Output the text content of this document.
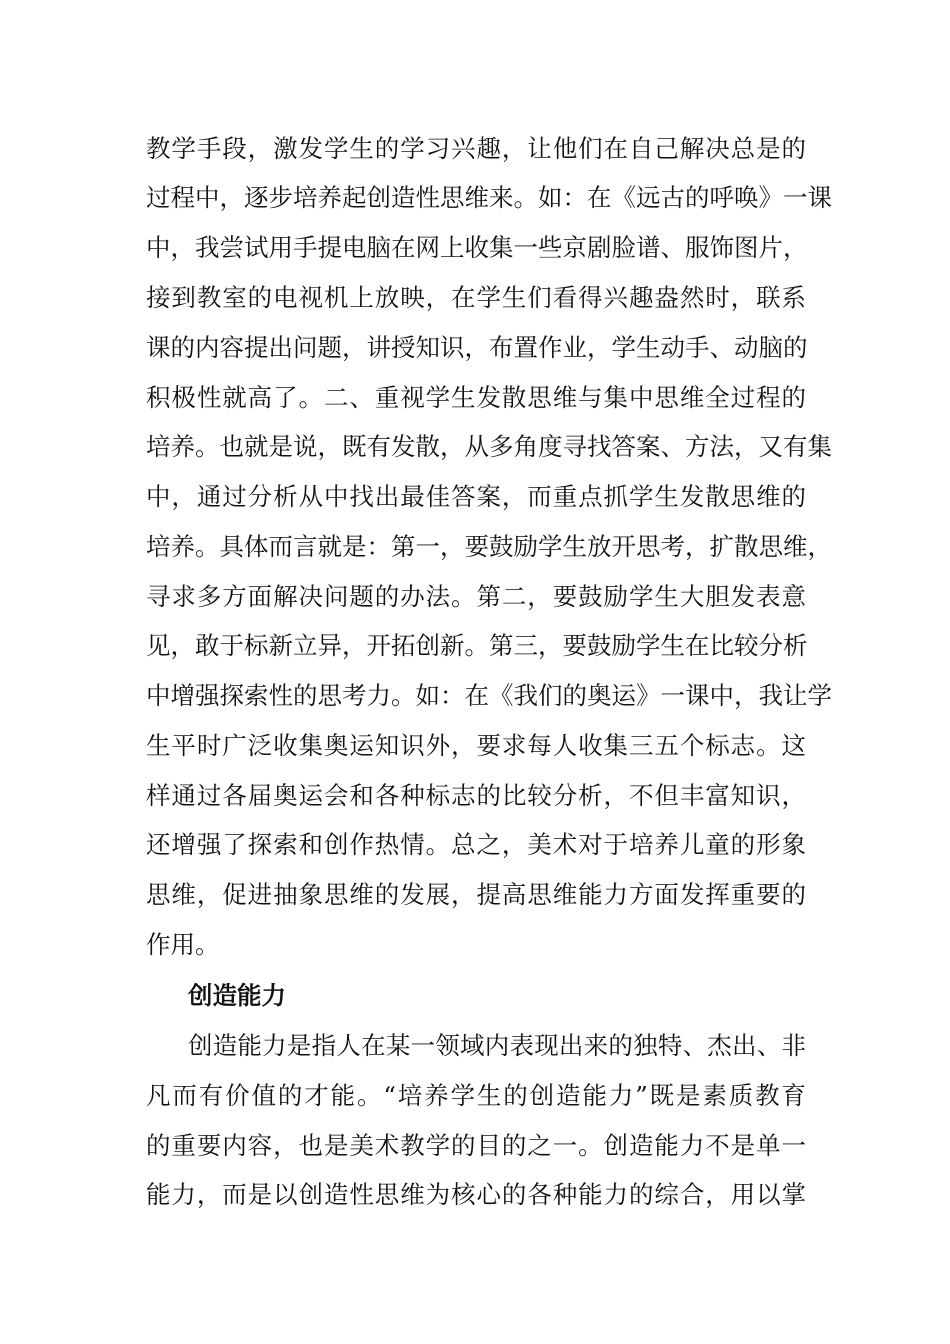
教学手段，激发学生的学习兴趣，让他们在自己解决总是的
过程中，逐步培养起创造性思维来。如：在《远古的呼唤》一课
中，我尝试用手提电脑在网上收集一些京剧脸谱、服饰图片，
接到教室的电视机上放映，在学生们看得兴趣盎然时，联系
课的内容提出问题，讲授知识，布置作业，学生动手、动脑的
积极性就高了。二、重视学生发散思维与集中思维全过程的
培养。也就是说，既有发散，从多角度寻找答案、方法，又有集
中，通过分析从中找出最佳答案，而重点抓学生发散思维的
培养。具体而言就是：第一，要鼓励学生放开思考，扩散思维，
寻求多方面解决问题的办法。第二，要鼓励学生大胆发表意
见，敢于标新立异，开拓创新。第三，要鼓励学生在比较分析
中增强探索性的思考力。如：在《我们的奥运》一课中，我让学
生平时广泛收集奥运知识外，要求每人收集三五个标志。这
样通过各届奥运会和各种标志的比较分析，不但丰富知识，
还增强了探索和创作热情。总之，美术对于培养儿童的形象
思维，促进抽象思维的发展，提高思维能力方面发挥重要的
作用。
创造能力
创造能力是指人在某一领域内表现出来的独特、杰出、非
凡而有价值的才能。“培养学生的创造能力”既是素质教育
的重要内容，也是美术教学的目的之一。创造能力不是单一
能力，而是以创造性思维为核心的各种能力的综合，用以掌
